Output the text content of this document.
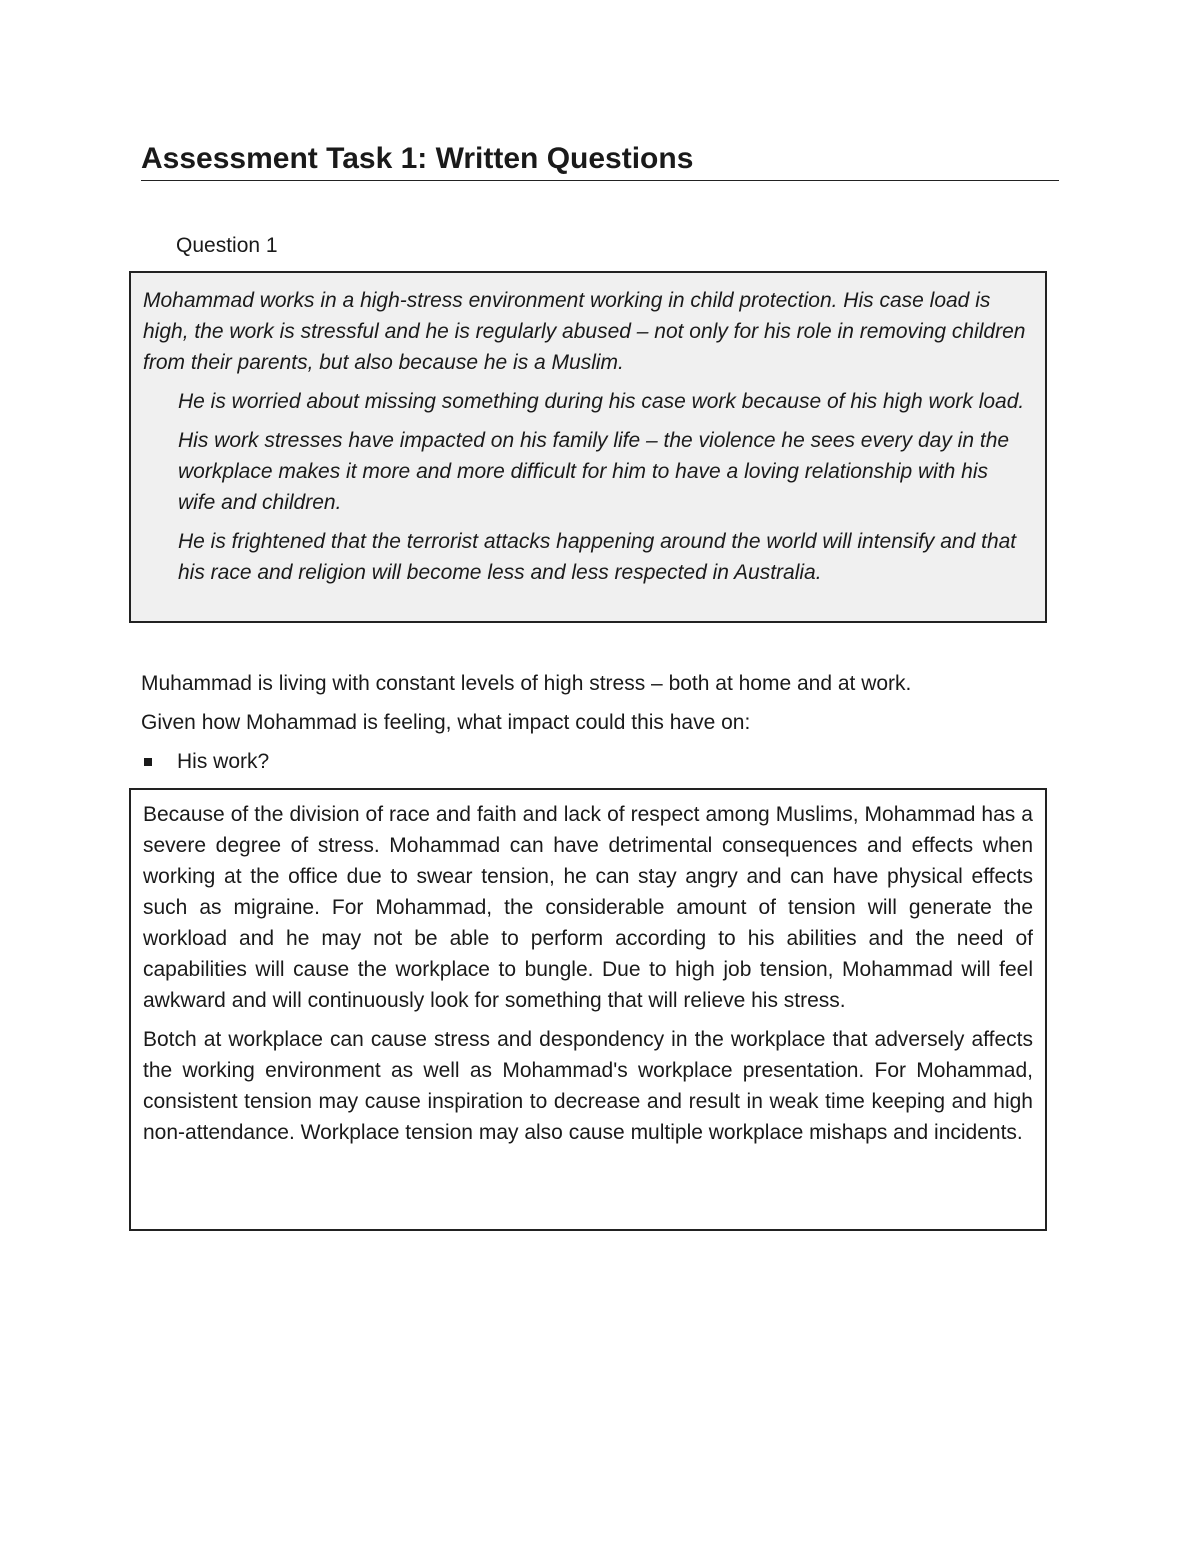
Assessment Task 1: Written Questions

Question 1

Mohammad works in a high-stress environment working in child protection. His case load is high, the work is stressful and he is regularly abused – not only for his role in removing children from their parents, but also because he is a Muslim.

He is worried about missing something during his case work because of his high work load.

His work stresses have impacted on his family life – the violence he sees every day in the workplace makes it more and more difficult for him to have a loving relationship with his wife and children.

He is frightened that the terrorist attacks happening around the world will intensify and that his race and religion will become less and less respected in Australia.

Muhammad is living with constant levels of high stress – both at home and at work.

Given how Mohammad is feeling, what impact could this have on:

His work?

Because of the division of race and faith and lack of respect among Muslims, Mohammad has a severe degree of stress. Mohammad can have detrimental consequences and effects when working at the office due to swear tension, he can stay angry and can have physical effects such as migraine. For Mohammad, the considerable amount of tension will generate the workload and he may not be able to perform according to his abilities and the need of capabilities will cause the workplace to bungle. Due to high job tension, Mohammad will feel awkward and will continuously look for something that will relieve his stress.

Botch at workplace can cause stress and despondency in the workplace that adversely affects the working environment as well as Mohammad's workplace presentation. For Mohammad, consistent tension may cause inspiration to decrease and result in weak time keeping and high non-attendance. Workplace tension may also cause multiple workplace mishaps and incidents.
